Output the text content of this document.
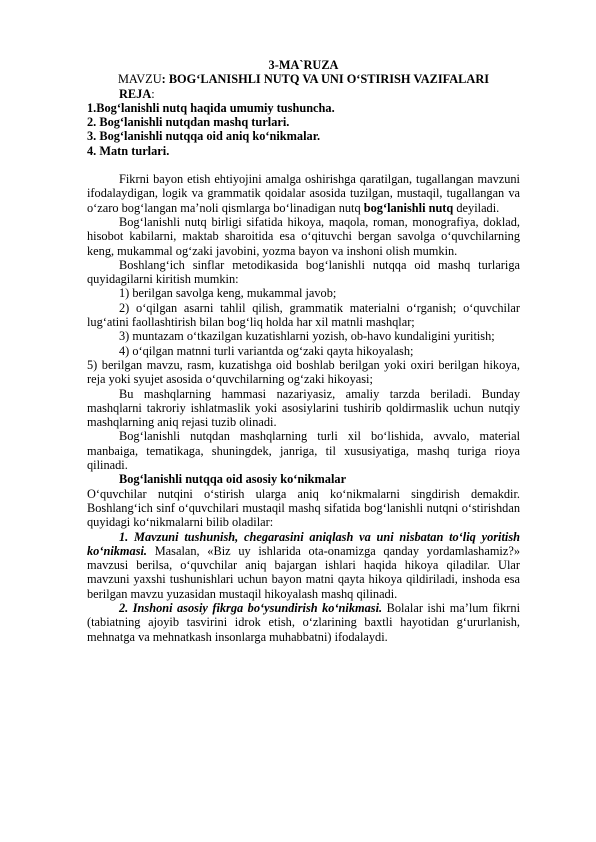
3-MA`RUZA

MAVZU: BOG‘LANISHLI NUTQ VA UNI O‘STIRISH VAZIFALARI

REJA:

1.Bog‘lanishli nutq haqida umumiy tushuncha.

2. Bog‘lanishli nutqdan mashq turlari.

3. Bog‘lanishli nutqqa oid aniq ko‘nikmalar.

4. Matn turlari.

Fikrni bayon etish ehtiyojini amalga oshirishga qaratilgan, tugallangan mavzuni ifodalaydigan, logik va grammatik qoidalar asosida tuzilgan, mustaqil, tugallangan va o‘zaro bog‘langan ma’noli qismlarga bo‘linadigan nutq bog‘lanishli nutq deyiladi.

Bog‘lanishli nutq birligi sifatida hikoya, maqola, roman, monografiya, doklad, hisobot kabilarni, maktab sharoitida esa o‘qituvchi bergan savolga o‘quvchilarning keng, mukammal og‘zaki javobini, yozma bayon va inshoni olish mumkin.

Boshlang‘ich sinflar metodikasida bog‘lanishli nutqqa oid mashq turlariga quyidagilarni kiritish mumkin:

1) berilgan savolga keng, mukammal javob;

2) o‘qilgan asarni tahlil qilish, grammatik materialni o‘rganish; o‘quvchilar lug‘atini faollashtirish bilan bog‘liq holda har xil matnli mashqlar;

3) muntazam o‘tkazilgan kuzatishlarni yozish, ob-havo kundaligini yuritish;

4) o‘qilgan matnni turli variantda og‘zaki qayta hikoyalash;

5) berilgan mavzu, rasm, kuzatishga oid boshlab berilgan yoki oxiri berilgan hikoya, reja yoki syujet asosida o‘quvchilarning og‘zaki hikoyasi;

Bu mashqlarning hammasi nazariyasiz, amaliy tarzda beriladi. Bunday mashqlarni takroriy ishlatmaslik yoki asosiylarini tushirib qoldirmaslik uchun nutqiy mashqlarning aniq rejasi tuzib olinadi.

Bog‘lanishli nutqdan mashqlarning turli xil bo‘lishida, avvalo, material manbaiga, tematikaga, shuningdek, janriga, til xususiyatiga, mashq turiga rioya qilinadi.

Bog‘lanishli nutqqa oid asosiy ko‘nikmalar

O‘quvchilar nutqini o‘stirish ularga aniq ko‘nikmalarni singdirish demakdir. Boshlang‘ich sinf o‘quvchilari mustaqil mashq sifatida bog‘lanishli nutqni o‘stirishdan quyidagi ko‘nikmalarni bilib oladilar:

1. Mavzuni tushunish, chegarasini aniqlash va uni nisbatan to‘liq yoritish ko‘nikmasi. Masalan, «Biz uy ishlarida ota-onamizga qanday yordamlashamiz?» mavzusi berilsa, o‘quvchilar aniq bajargan ishlari haqida hikoya qiladilar. Ular mavzuni yaxshi tushunishlari uchun bayon matni qayta hikoya qildiriladi, inshoda esa berilgan mavzu yuzasidan mustaqil hikoyalash mashq qilinadi.

2. Inshoni asosiy fikrga bo‘ysundirish ko‘nikmasi. Bolalar ishi ma’lum fikrni (tabiatning ajoyib tasvirini idrok etish, o‘zlarining baxtli hayotidan g‘ururlanish, mehnatga va mehnatkash insonlarga muhabbatni) ifodalaydi.
